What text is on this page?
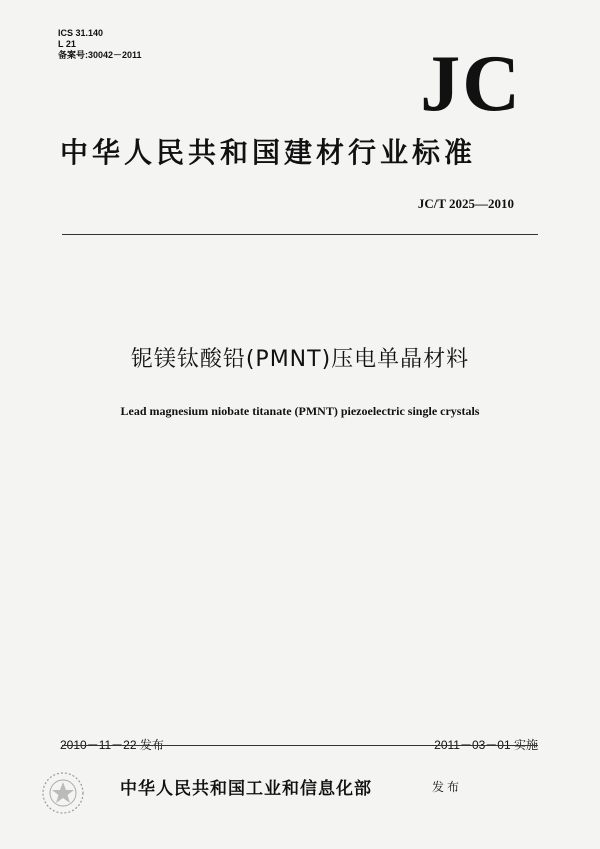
ICS 31.140
L 21
备案号:30042－2011	JC
中华人民共和国建材行业标准
JC/T 2025—2010
铌镁钛酸铅(PMNT)压电单晶材料
Lead magnesium niobate titanate (PMNT) piezoelectric single crystals
2010－11－22 发布	2011－03－01 实施
中华人民共和国工业和信息化部	发布
